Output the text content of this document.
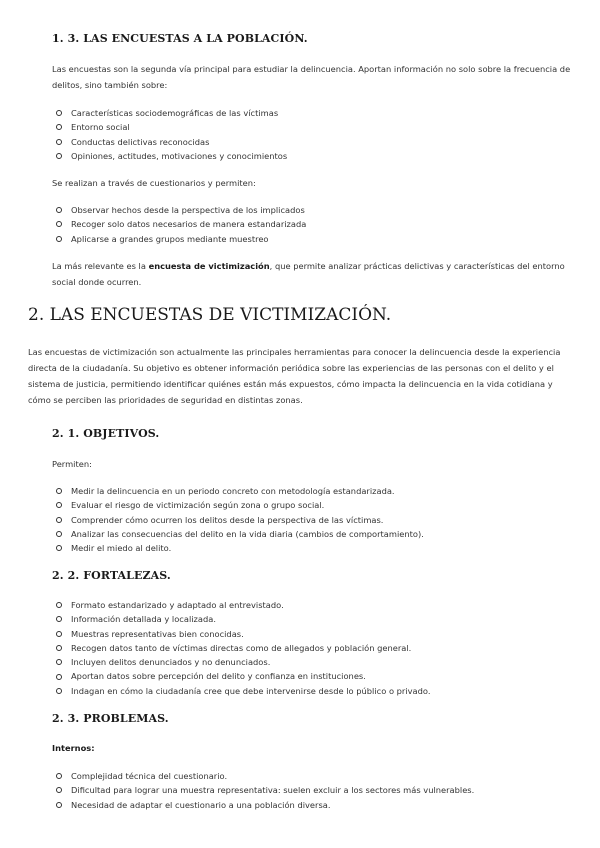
1. 3. LAS ENCUESTAS A LA POBLACIÓN.
Las encuestas son la segunda vía principal para estudiar la delincuencia. Aportan información no solo sobre la frecuencia de
delitos, sino también sobre:
Características sociodemográficas de las víctimas
Entorno social
Conductas delictivas reconocidas
Opiniones, actitudes, motivaciones y conocimientos
Se realizan a través de cuestionarios y permiten:
Observar hechos desde la perspectiva de los implicados
Recoger solo datos necesarios de manera estandarizada
Aplicarse a grandes grupos mediante muestreo
La más relevante es la encuesta de victimización, que permite analizar prácticas delictivas y características del entorno
social donde ocurren.
2. LAS ENCUESTAS DE VICTIMIZACIÓN.
Las encuestas de victimización son actualmente las principales herramientas para conocer la delincuencia desde la experiencia
directa de la ciudadanía. Su objetivo es obtener información periódica sobre las experiencias de las personas con el delito y el
sistema de justicia, permitiendo identificar quiénes están más expuestos, cómo impacta la delincuencia en la vida cotidiana y
cómo se perciben las prioridades de seguridad en distintas zonas.
2. 1. OBJETIVOS.
Permiten:
Medir la delincuencia en un periodo concreto con metodología estandarizada.
Evaluar el riesgo de victimización según zona o grupo social.
Comprender cómo ocurren los delitos desde la perspectiva de las víctimas.
Analizar las consecuencias del delito en la vida diaria (cambios de comportamiento).
Medir el miedo al delito.
2. 2. FORTALEZAS.
Formato estandarizado y adaptado al entrevistado.
Información detallada y localizada.
Muestras representativas bien conocidas.
Recogen datos tanto de víctimas directas como de allegados y población general.
Incluyen delitos denunciados y no denunciados.
Aportan datos sobre percepción del delito y confianza en instituciones.
Indagan en cómo la ciudadanía cree que debe intervenirse desde lo público o privado.
2. 3. PROBLEMAS.
Internos:
Complejidad técnica del cuestionario.
Dificultad para lograr una muestra representativa: suelen excluir a los sectores más vulnerables.
Necesidad de adaptar el cuestionario a una población diversa.
